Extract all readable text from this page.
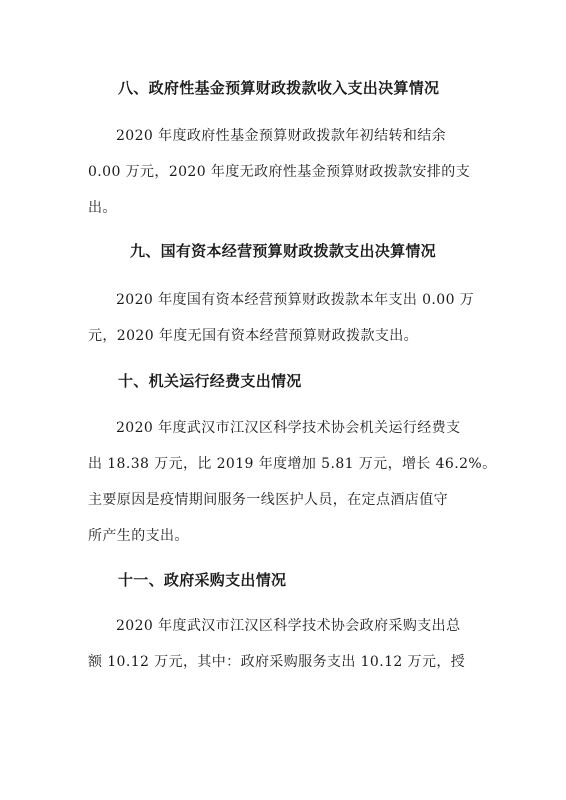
八、政府性基金预算财政拨款收入支出决算情况
2020 年度政府性基金预算财政拨款年初结转和结余
0.00 万元，2020 年度无政府性基金预算财政拨款安排的支
出。
九、国有资本经营预算财政拨款支出决算情况
2020 年度国有资本经营预算财政拨款本年支出 0.00 万
元，2020 年度无国有资本经营预算财政拨款支出。
十、机关运行经费支出情况
2020 年度武汉市江汉区科学技术协会机关运行经费支
出 18.38 万元，比 2019 年度增加 5.81 万元，增长 46.2%。
主要原因是疫情期间服务一线医护人员，在定点酒店值守
所产生的支出。
十一、政府采购支出情况
2020 年度武汉市江汉区科学技术协会政府采购支出总
额 10.12 万元，其中：政府采购服务支出 10.12 万元，授
